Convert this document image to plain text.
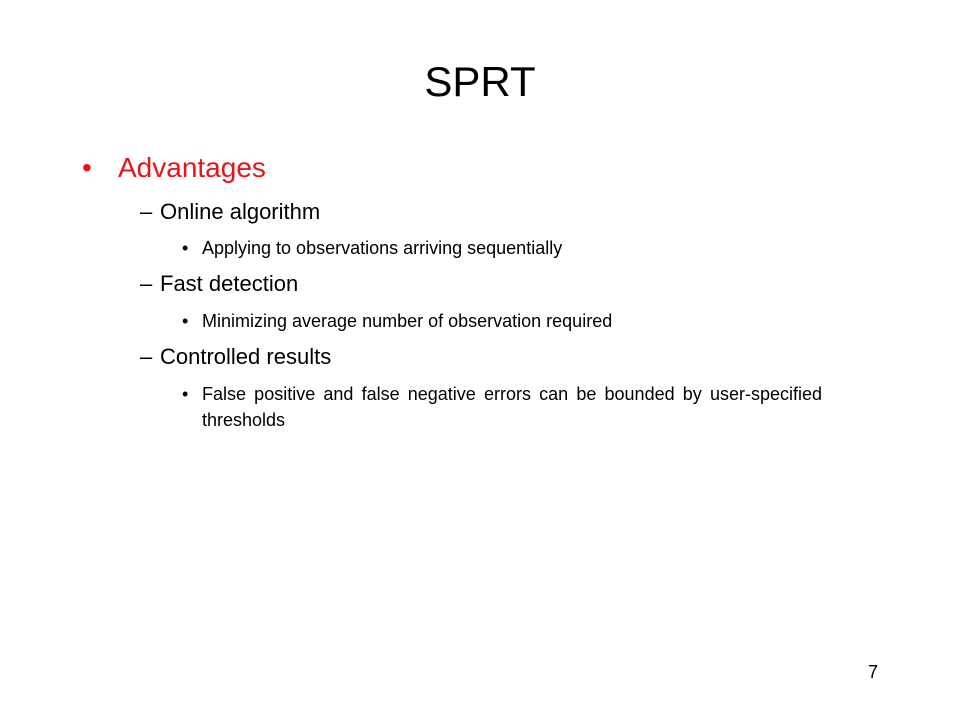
SPRT
• Advantages
– Online algorithm
• Applying to observations arriving sequentially
– Fast detection
• Minimizing average number of observation required
– Controlled results
• False positive and false negative errors can be bounded by user-specified thresholds
7
